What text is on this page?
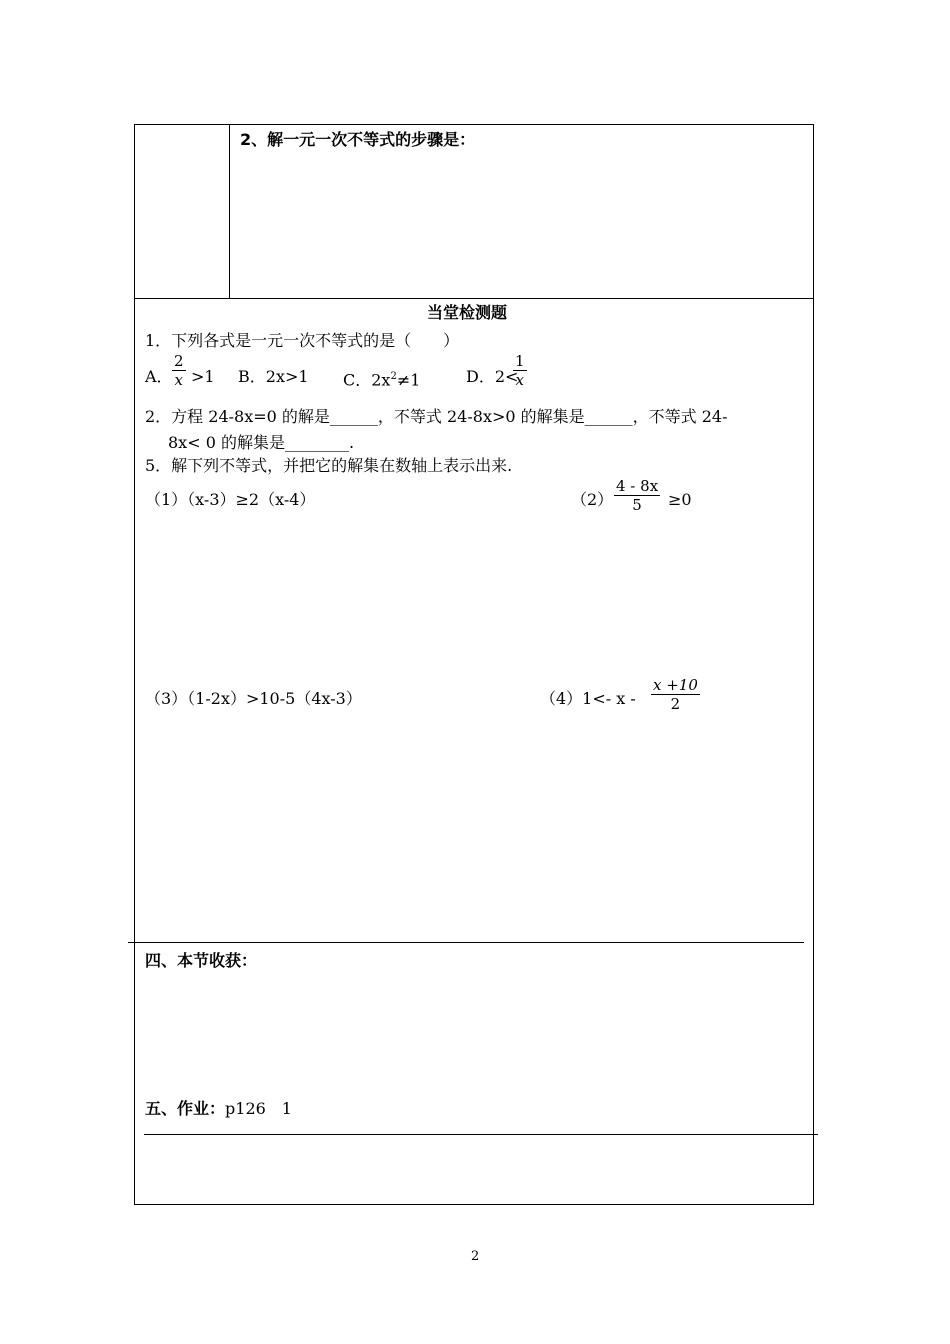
2、解一元一次不等式的步骤是：
当堂检测题
1．下列各式是一元一次不等式的是（　　）
A．
2
x >1 B．2x>1 C．$2x^2\ne 1$	D．2<
1
x
2．方程 24-8x=0 的解是______，不等式 24-8x>0 的解集是______，不等式 24-
8x< 0 的解集是________.
5．解下列不等式，并把它的解集在数轴上表示出来.
（1）（x-3）≥2（x-4）	（2）
4 - 8x
5 ≥0
（3）（1-2x）>10-5（4x-3）	（4）1<- x -
x +10
2
四、本节收获：
五、作业：p126　1
2
